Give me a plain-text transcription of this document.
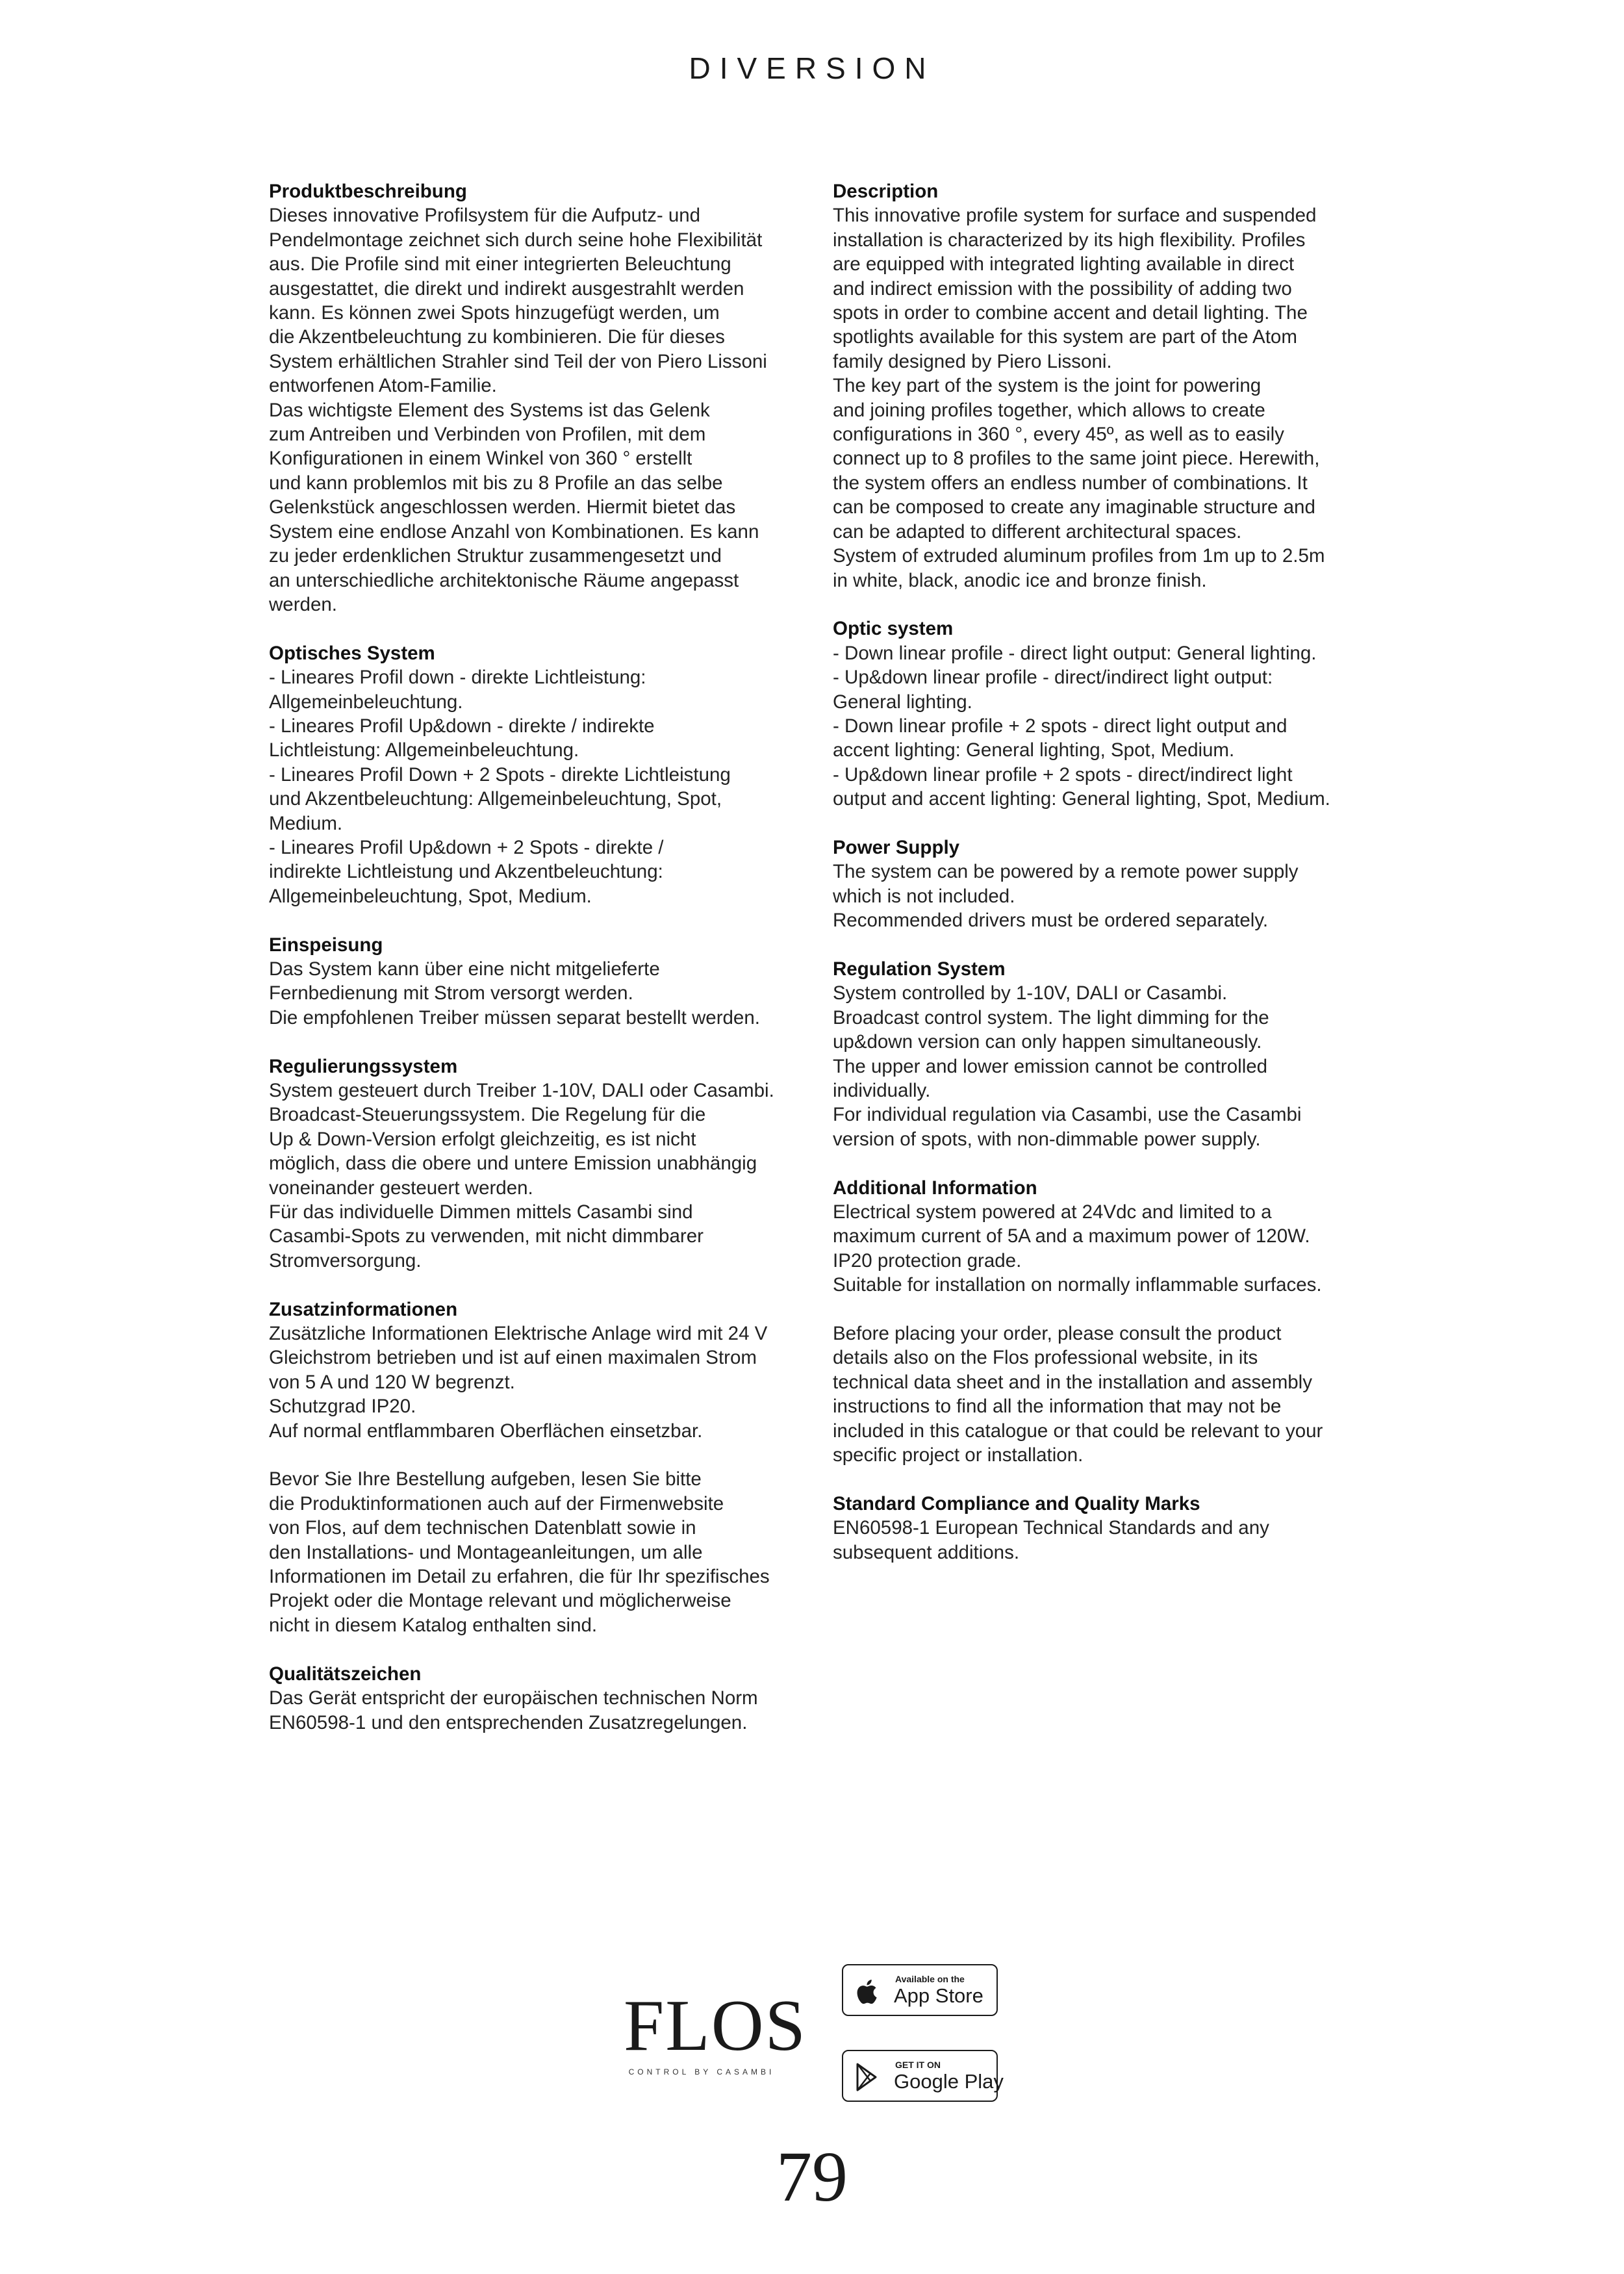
DIVERSION
Produktbeschreibung
Dieses innovative Profilsystem für die Aufputz- und
Pendelmontage zeichnet sich durch seine hohe Flexibilität
aus. Die Profile sind mit einer integrierten Beleuchtung
ausgestattet, die direkt und indirekt ausgestrahlt werden
kann. Es können zwei Spots hinzugefügt werden, um
die Akzentbeleuchtung zu kombinieren. Die für dieses
System erhältlichen Strahler sind Teil der von Piero Lissoni
entworfenen Atom-Familie.
Das wichtigste Element des Systems ist das Gelenk
zum Antreiben und Verbinden von Profilen, mit dem
Konfigurationen in einem Winkel von 360 ° erstellt
und kann problemlos mit bis zu 8 Profile an das selbe
Gelenkstück angeschlossen werden. Hiermit bietet das
System eine endlose Anzahl von Kombinationen. Es kann
zu jeder erdenklichen Struktur zusammengesetzt und
an unterschiedliche architektonische Räume angepasst
werden.
Optisches System
- Lineares Profil down - direkte Lichtleistung:
Allgemeinbeleuchtung.
- Lineares Profil Up&down - direkte / indirekte
Lichtleistung: Allgemeinbeleuchtung.
- Lineares Profil Down + 2 Spots - direkte Lichtleistung
und Akzentbeleuchtung: Allgemeinbeleuchtung, Spot,
Medium.
- Lineares Profil Up&down + 2 Spots - direkte /
indirekte Lichtleistung und Akzentbeleuchtung:
Allgemeinbeleuchtung, Spot, Medium.
Einspeisung
Das System kann über eine nicht mitgelieferte
Fernbedienung mit Strom versorgt werden.
Die empfohlenen Treiber müssen separat bestellt werden.
Regulierungssystem
System gesteuert durch Treiber 1-10V, DALI oder Casambi.
Broadcast-Steuerungssystem. Die Regelung für die
Up & Down-Version erfolgt gleichzeitig, es ist nicht
möglich, dass die obere und untere Emission unabhängig
voneinander gesteuert werden.
Für das individuelle Dimmen mittels Casambi sind
Casambi-Spots zu verwenden, mit nicht dimmbarer
Stromversorgung.
Zusatzinformationen
Zusätzliche Informationen Elektrische Anlage wird mit 24 V
Gleichstrom betrieben und ist auf einen maximalen Strom
von 5 A und 120 W begrenzt.
Schutzgrad IP20.
Auf normal entflammbaren Oberflächen einsetzbar.
Bevor Sie Ihre Bestellung aufgeben, lesen Sie bitte
die Produktinformationen auch auf der Firmenwebsite
von Flos, auf dem technischen Datenblatt sowie in
den Installations- und Montageanleitungen, um alle
Informationen im Detail zu erfahren, die für Ihr spezifisches
Projekt oder die Montage relevant und möglicherweise
nicht in diesem Katalog enthalten sind.
Qualitätszeichen
Das Gerät entspricht der europäischen technischen Norm
EN60598-1 und den entsprechenden Zusatzregelungen.
Description
This innovative profile system for surface and suspended
installation is characterized by its high flexibility. Profiles
are equipped with integrated lighting available in direct
and indirect emission with the possibility of adding two
spots in order to combine accent and detail lighting. The
spotlights available for this system are part of the Atom
family designed by Piero Lissoni.
The key part of the system is the joint for powering
and joining profiles together, which allows to create
configurations in 360 °, every 45º, as well as to easily
connect up to 8 profiles to the same joint piece. Herewith,
the system offers an endless number of combinations. It
can be composed to create any imaginable structure and
can be adapted to different architectural spaces.
System of extruded aluminum profiles from 1m up to 2.5m
in white, black, anodic ice and bronze finish.
Optic system
- Down linear profile - direct light output: General lighting.
- Up&down linear profile - direct/indirect light output:
General lighting.
- Down linear profile + 2 spots - direct light output and
accent lighting: General lighting, Spot, Medium.
- Up&down linear profile + 2 spots - direct/indirect light
output and accent lighting: General lighting, Spot, Medium.
Power Supply
The system can be powered by a remote power supply
which is not included.
Recommended drivers must be ordered separately.
Regulation System
System controlled by 1-10V, DALI or Casambi.
Broadcast control system. The light dimming for the
up&down version can only happen simultaneously.
The upper and lower emission cannot be controlled
individually.
For individual regulation via Casambi, use the Casambi
version of spots, with non-dimmable power supply.
Additional Information
Electrical system powered at 24Vdc and limited to a
maximum current of 5A and a maximum power of 120W.
IP20 protection grade.
Suitable for installation on normally inflammable surfaces.
Before placing your order, please consult the product
details also on the Flos professional website, in its
technical data sheet and in the installation and assembly
instructions to find all the information that may not be
included in this catalogue or that could be relevant to your
specific project or installation.
Standard Compliance and Quality Marks
EN60598-1 European Technical Standards and any
subsequent additions.
FLOS
CONTROL BY CASAMBI
Available on the
App Store
GET IT ON
Google Play
79
